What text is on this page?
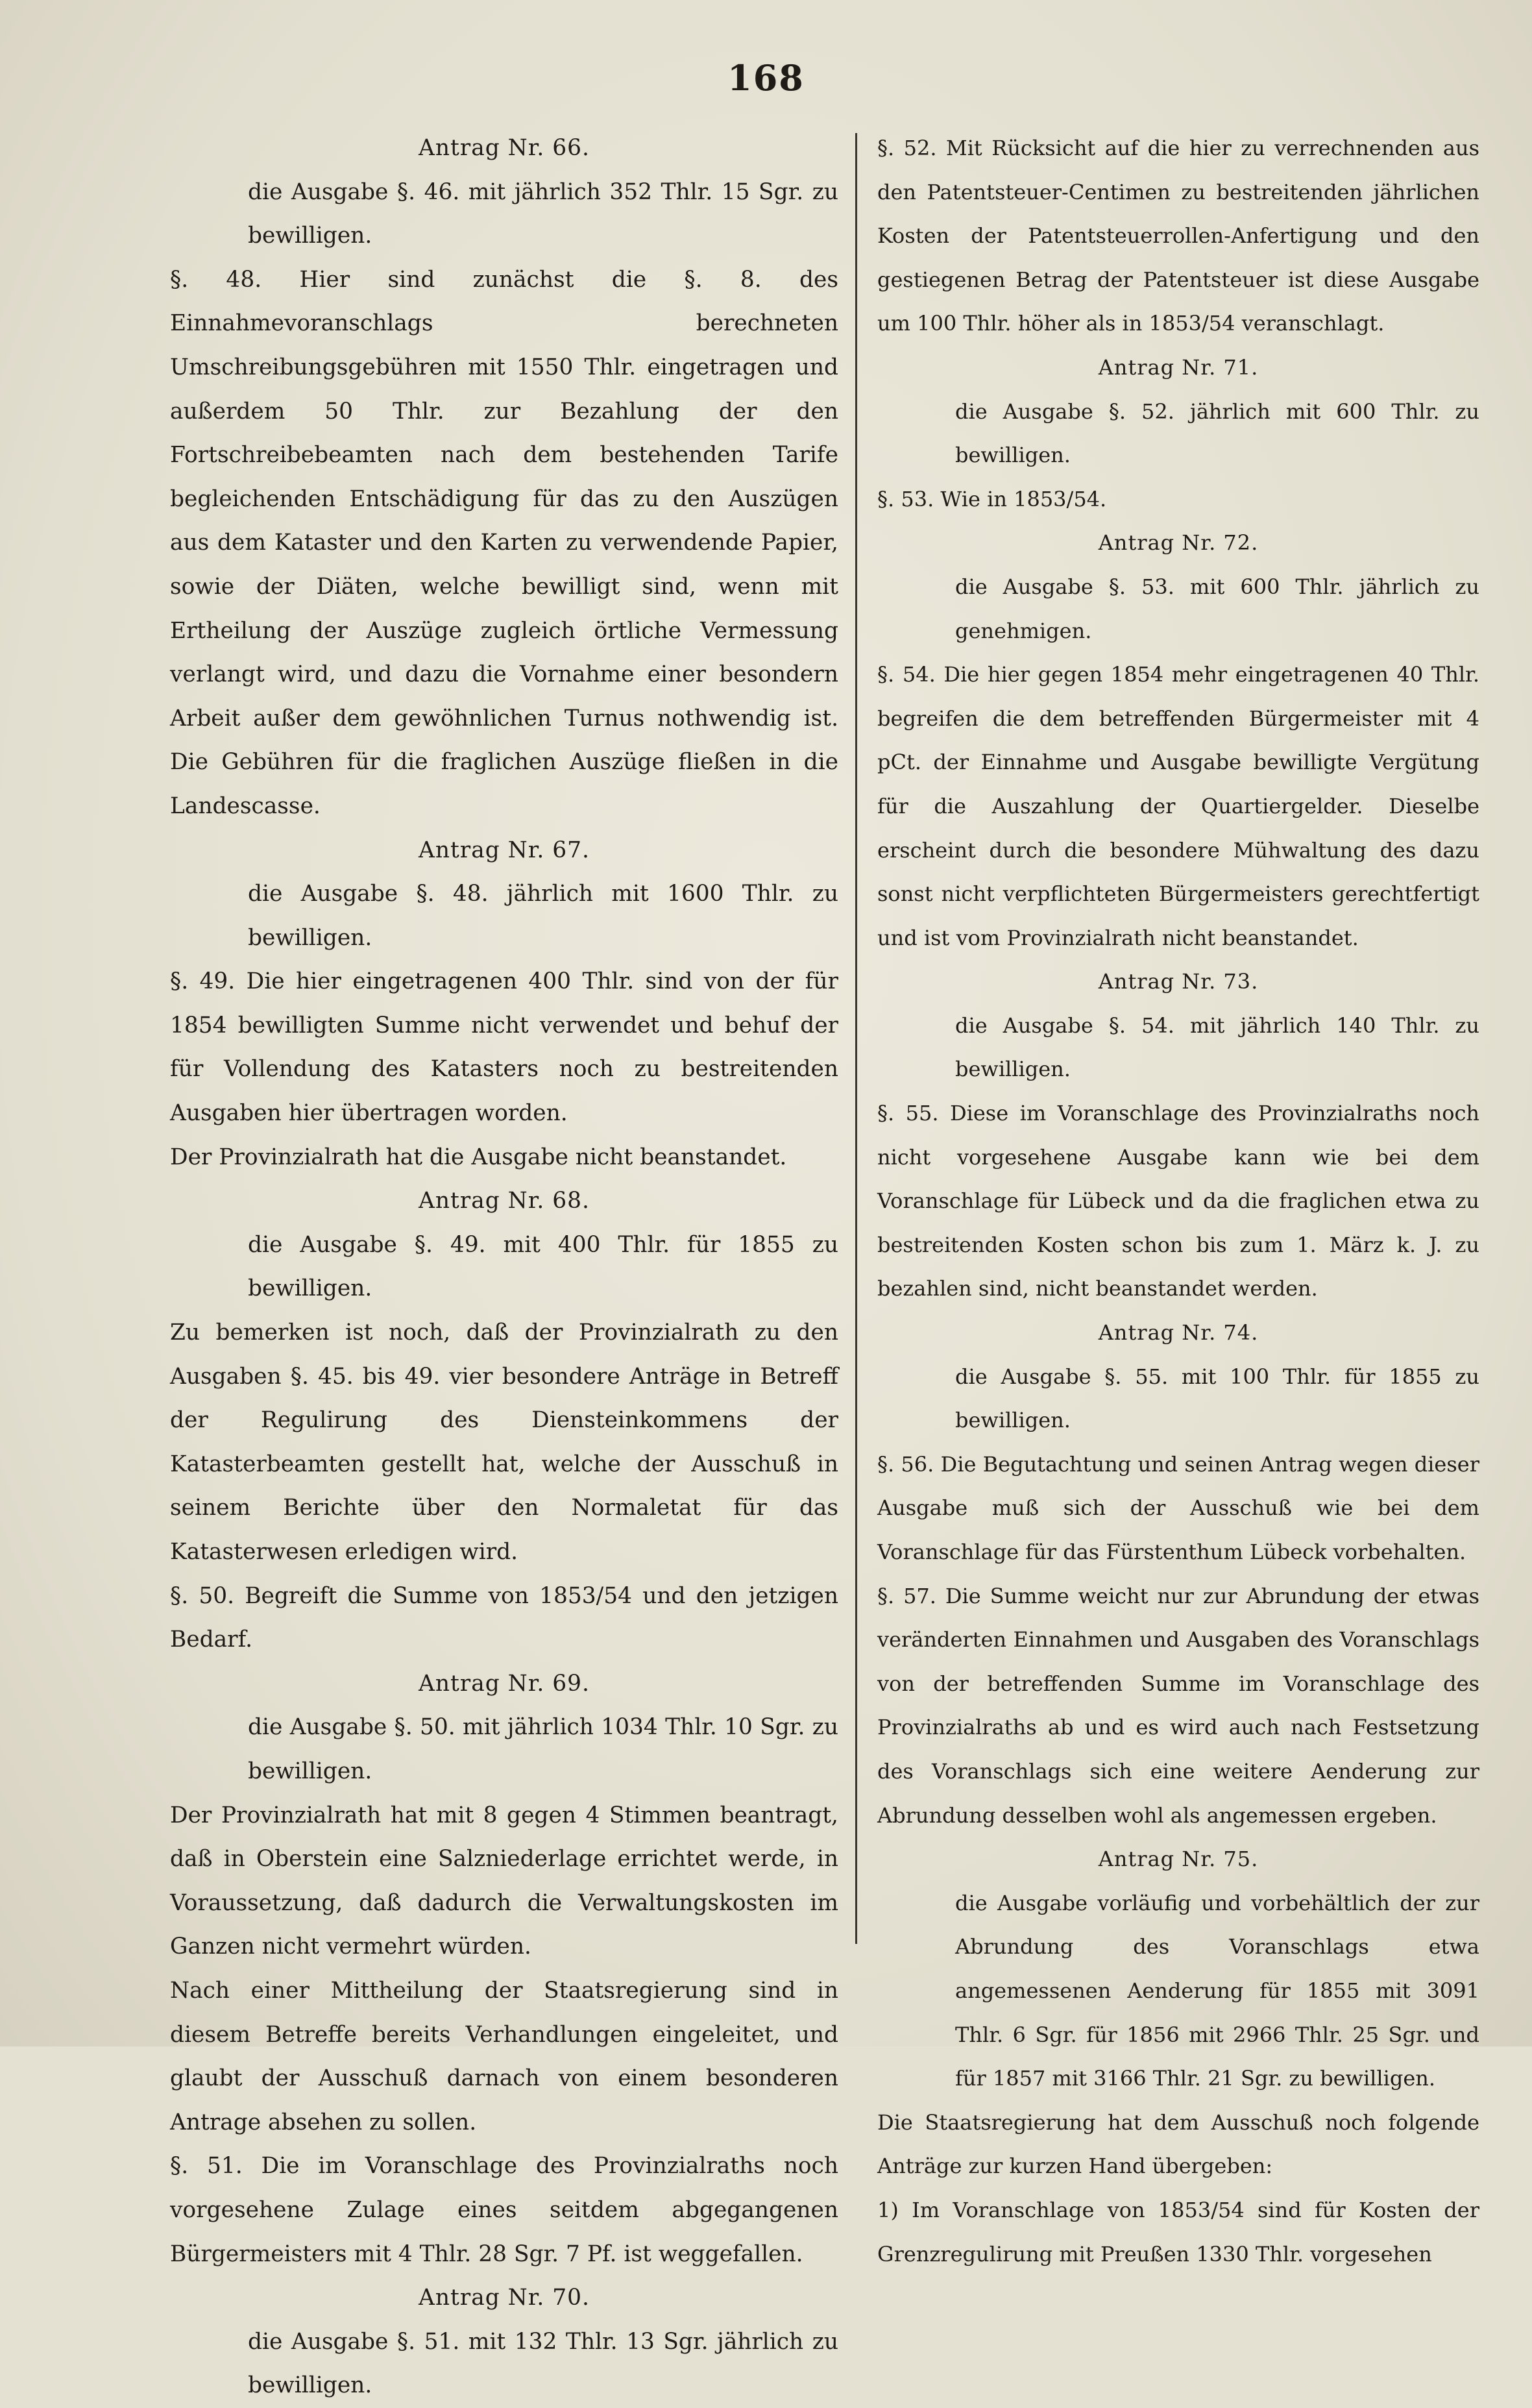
168

Antrag Nr. 66.

die Ausgabe §. 46. mit jährlich 352 Thlr. 15 Sgr. zu bewilligen.

§. 48. Hier sind zunächst die §. 8. des Einnahmevoranschlags berechneten Umschreibungsgebühren mit 1550 Thlr. eingetragen und außerdem 50 Thlr. zur Bezahlung der den Fortschreibebeamten nach dem bestehenden Tarife begleichenden Entschädigung für das zu den Auszügen aus dem Kataster und den Karten zu verwendende Papier, sowie der Diäten, welche bewilligt sind, wenn mit Ertheilung der Auszüge zugleich örtliche Vermessung verlangt wird, und dazu die Vornahme einer besondern Arbeit außer dem gewöhnlichen Turnus nothwendig ist. Die Gebühren für die fraglichen Auszüge fließen in die Landescasse.

Antrag Nr. 67.

die Ausgabe §. 48. jährlich mit 1600 Thlr. zu bewilligen.

§. 49. Die hier eingetragenen 400 Thlr. sind von der für 1854 bewilligten Summe nicht verwendet und behuf der für Vollendung des Katasters noch zu bestreitenden Ausgaben hier übertragen worden.

Der Provinzialrath hat die Ausgabe nicht beanstandet.

Antrag Nr. 68.

die Ausgabe §. 49. mit 400 Thlr. für 1855 zu bewilligen.

Zu bemerken ist noch, daß der Provinzialrath zu den Ausgaben §. 45. bis 49. vier besondere Anträge in Betreff der Regulirung des Diensteinkommens der Katasterbeamten gestellt hat, welche der Ausschuß in seinem Berichte über den Normaletat für das Katasterwesen erledigen wird.

§. 50. Begreift die Summe von 1853/54 und den jetzigen Bedarf.

Antrag Nr. 69.

die Ausgabe §. 50. mit jährlich 1034 Thlr. 10 Sgr. zu bewilligen.

Der Provinzialrath hat mit 8 gegen 4 Stimmen beantragt, daß in Oberstein eine Salzniederlage errichtet werde, in Voraussetzung, daß dadurch die Verwaltungskosten im Ganzen nicht vermehrt würden.

Nach einer Mittheilung der Staatsregierung sind in diesem Betreffe bereits Verhandlungen eingeleitet, und glaubt der Ausschuß darnach von einem besonderen Antrage absehen zu sollen.

§. 51. Die im Voranschlage des Provinzialraths noch vorgesehene Zulage eines seitdem abgegangenen Bürgermeisters mit 4 Thlr. 28 Sgr. 7 Pf. ist weggefallen.

Antrag Nr. 70.

die Ausgabe §. 51. mit 132 Thlr. 13 Sgr. jährlich zu bewilligen.

§. 52. Mit Rücksicht auf die hier zu verrechnenden aus den Patentsteuer-Centimen zu bestreitenden jährlichen Kosten der Patentsteuerrollen-Anfertigung und den gestiegenen Betrag der Patentsteuer ist diese Ausgabe um 100 Thlr. höher als in 1853/54 veranschlagt.

Antrag Nr. 71.

die Ausgabe §. 52. jährlich mit 600 Thlr. zu bewilligen.

§. 53. Wie in 1853/54.

Antrag Nr. 72.

die Ausgabe §. 53. mit 600 Thlr. jährlich zu genehmigen.

§. 54. Die hier gegen 1854 mehr eingetragenen 40 Thlr. begreifen die dem betreffenden Bürgermeister mit 4 pCt. der Einnahme und Ausgabe bewilligte Vergütung für die Auszahlung der Quartiergelder. Dieselbe erscheint durch die besondere Mühwaltung des dazu sonst nicht verpflichteten Bürgermeisters gerechtfertigt und ist vom Provinzialrath nicht beanstandet.

Antrag Nr. 73.

die Ausgabe §. 54. mit jährlich 140 Thlr. zu bewilligen.

§. 55. Diese im Voranschlage des Provinzialraths noch nicht vorgesehene Ausgabe kann wie bei dem Voranschlage für Lübeck und da die fraglichen etwa zu bestreitenden Kosten schon bis zum 1. März k. J. zu bezahlen sind, nicht beanstandet werden.

Antrag Nr. 74.

die Ausgabe §. 55. mit 100 Thlr. für 1855 zu bewilligen.

§. 56. Die Begutachtung und seinen Antrag wegen dieser Ausgabe muß sich der Ausschuß wie bei dem Voranschlage für das Fürstenthum Lübeck vorbehalten.

§. 57. Die Summe weicht nur zur Abrundung der etwas veränderten Einnahmen und Ausgaben des Voranschlags von der betreffenden Summe im Voranschlage des Provinzialraths ab und es wird auch nach Festsetzung des Voranschlags sich eine weitere Aenderung zur Abrundung desselben wohl als angemessen ergeben.

Antrag Nr. 75.

die Ausgabe vorläufig und vorbehältlich der zur Abrundung des Voranschlags etwa angemessenen Aenderung für 1855 mit 3091 Thlr. 6 Sgr. für 1856 mit 2966 Thlr. 25 Sgr. und für 1857 mit 3166 Thlr. 21 Sgr. zu bewilligen.

Die Staatsregierung hat dem Ausschuß noch folgende Anträge zur kurzen Hand übergeben:

1) Im Voranschlage von 1853/54 sind für Kosten der Grenzregulirung mit Preußen 1330 Thlr. vorgesehen
